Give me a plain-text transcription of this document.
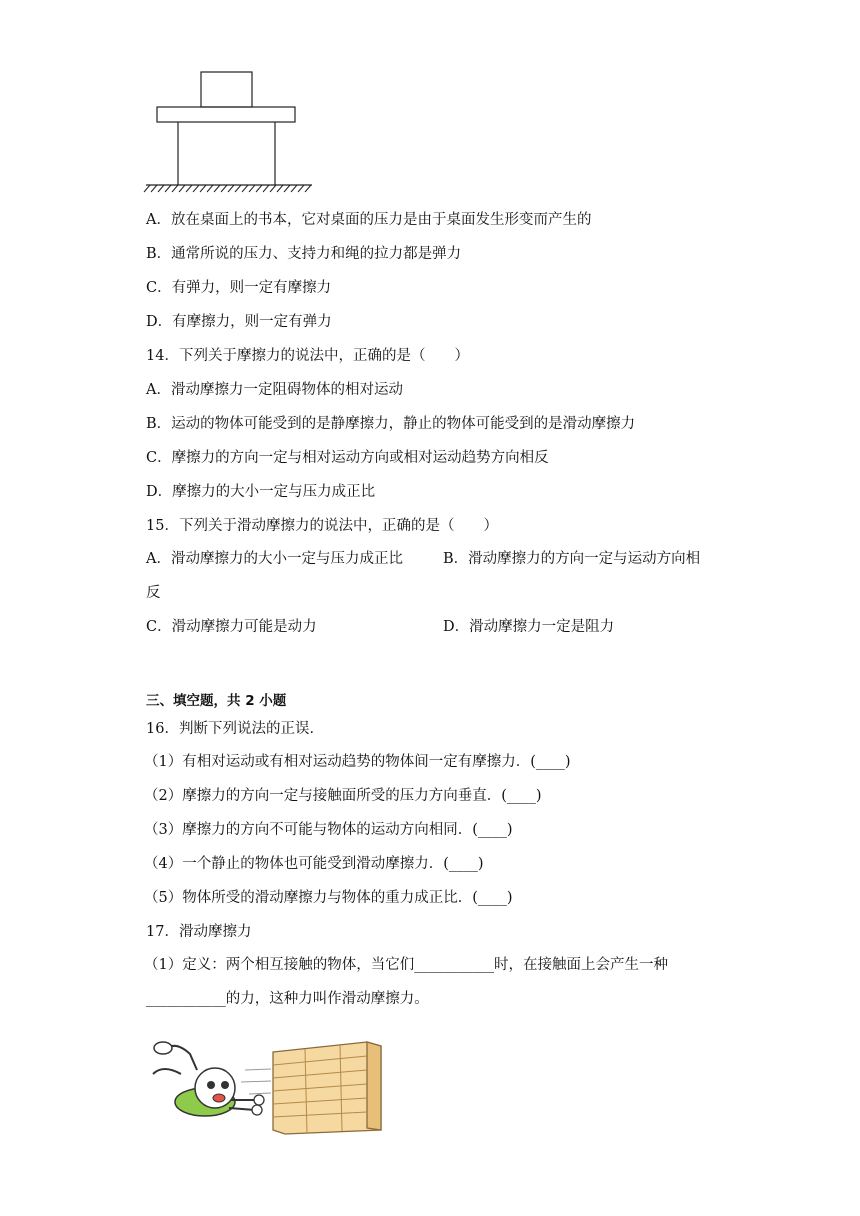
A．放在桌面上的书本，它对桌面的压力是由于桌面发生形变而产生的
B．通常所说的压力、支持力和绳的拉力都是弹力
C．有弹力，则一定有摩擦力
D．有摩擦力，则一定有弹力
14．下列关于摩擦力的说法中，正确的是（　　）
A．滑动摩擦力一定阻碍物体的相对运动
B．运动的物体可能受到的是静摩擦力，静止的物体可能受到的是滑动摩擦力
C．摩擦力的方向一定与相对运动方向或相对运动趋势方向相反
D．摩擦力的大小一定与压力成正比
15．下列关于滑动摩擦力的说法中，正确的是（　　）
A．滑动摩擦力的大小一定与压力成正比	B．滑动摩擦力的方向一定与运动方向相
反
C．滑动摩擦力可能是动力	D．滑动摩擦力一定是阻力
三、填空题，共 2 小题
16．判断下列说法的正误．
（1）有相对运动或有相对运动趋势的物体间一定有摩擦力．(____)
（2）摩擦力的方向一定与接触面所受的压力方向垂直．(____)
（3）摩擦力的方向不可能与物体的运动方向相同．(____)
（4）一个静止的物体也可能受到滑动摩擦力．(____)
（5）物体所受的滑动摩擦力与物体的重力成正比．(____)
17．滑动摩擦力
（1）定义：两个相互接触的物体，当它们___________时，在接触面上会产生一种
___________的力，这种力叫作滑动摩擦力。
